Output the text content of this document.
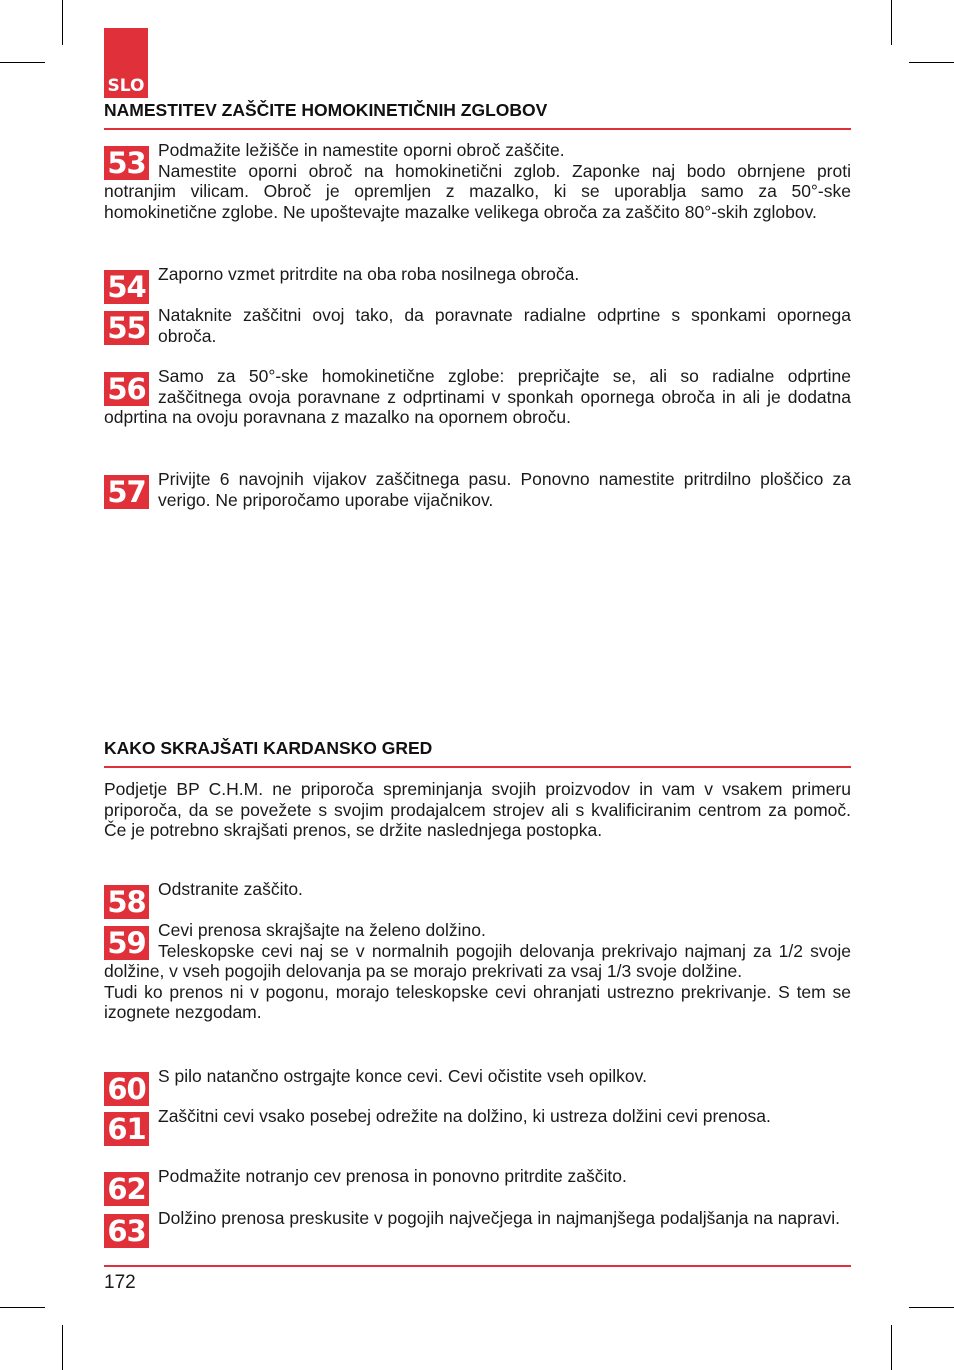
SLO
NAMESTITEV ZAŠČITE HOMOKINETIČNIH ZGLOBOV
53 Podmažite ležišče in namestite oporni obroč zaščite.

Namestite oporni obroč na homokinetični zglob. Zaponke naj bodo obrnjene proti notranjim vilicam. Obroč je opremljen z mazalko, ki se uporablja samo za 50°-ske homokinetične zglobe. Ne upoštevajte mazalke velikega obroča za zaščito 80°-skih zglobov.

54 Zaporno vzmet pritrdite na oba roba nosilnega obroča.

55 Nataknite zaščitni ovoj tako, da poravnate radialne odprtine s sponkami opornega obroča.

56 Samo za 50°-ske homokinetične zglobe: prepričajte se, ali so radialne odprtine zaščitnega ovoja poravnane z odprtinami v sponkah opornega obroča in ali je dodatna odprtina na ovoju poravnana z mazalko na opornem obroču.

57 Privijte 6 navojnih vijakov zaščitnega pasu. Ponovno namestite pritrdilno ploščico za verigo. Ne priporočamo uporabe vijačnikov.

KAKO SKRAJŠATI KARDANSKO GRED

Podjetje BP C.H.M. ne priporoča spreminjanja svojih proizvodov in vam v vsakem primeru priporoča, da se povežete s svojim prodajalcem strojev ali s kvalificiranim centrom za pomoč. Če je potrebno skrajšati prenos, se držite naslednjega postopka.

58 Odstranite zaščito.

59 Cevi prenosa skrajšajte na želeno dolžino.

Teleskopske cevi naj se v normalnih pogojih delovanja prekrivajo najmanj za 1/2 svoje dolžine, v vseh pogojih delovanja pa se morajo prekrivati za vsaj 1/3 svoje dolžine.

Tudi ko prenos ni v pogonu, morajo teleskopske cevi ohranjati ustrezno prekrivanje. S tem se izognete nezgodam.

60 S pilo natančno ostrgajte konce cevi. Cevi očistite vseh opilkov.

61 Zaščitni cevi vsako posebej odrežite na dolžino, ki ustreza dolžini cevi prenosa.

62 Podmažite notranjo cev prenosa in ponovno pritrdite zaščito.

63 Dolžino prenosa preskusite v pogojih največjega in najmanjšega podaljšanja na napravi.

172
